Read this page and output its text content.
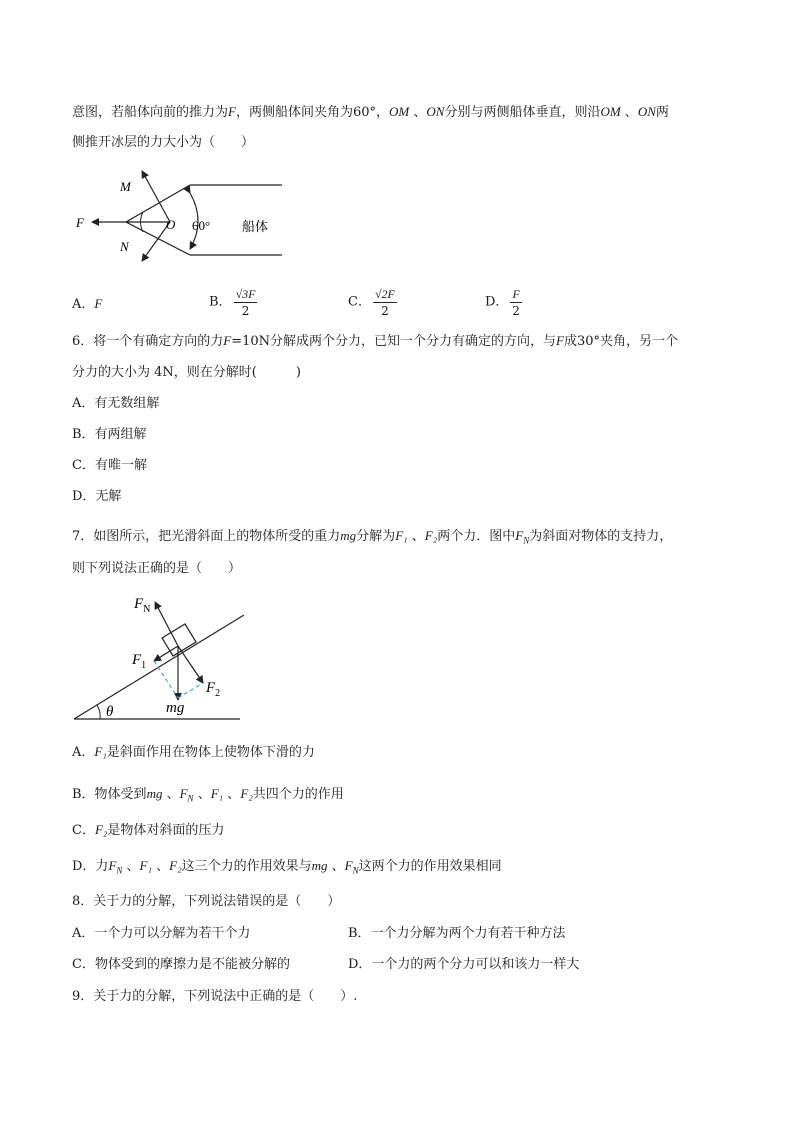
意图，若船体向前的推力为F，两侧船体间夹角为60°，OM 、ON分别与两侧船体垂直，则沿OM 、ON两
侧推开冰层的力大小为（　　）
M
N
F	O 60° 船体
A．F	B． $\frac{√3F}{2}$	C． $\frac{√2F}{2}$	D． $\frac{F}{2}$
6．将一个有确定方向的力F=10N分解成两个分力，已知一个分力有确定的方向，与F成30°夹角，另一个
分力的大小为 4N，则在分解时(　　　)
A．有无数组解
B．有两组解
C．有唯一解
D．无解
7．如图所示，把光滑斜面上的物体所受的重力mg分解为F₁ 、F₂两个力．图中$F_N$为斜面对物体的支持力，
则下列说法正确的是（　　）
$F_N$
$F_1$
$F_2$
mg
θ
A．F₁是斜面作用在物体上使物体下滑的力
B．物体受到mg 、$F_N$ 、F₁ 、F₂共四个力的作用
C．F₂是物体对斜面的压力
D．力$F_N$ 、F₁ 、F₂这三个力的作用效果与mg 、$F_N$这两个力的作用效果相同
8．关于力的分解，下列说法错误的是（　　）
A．一个力可以分解为若干个力	B．一个力分解为两个力有若干种方法
C．物体受到的摩擦力是不能被分解的	D．一个力的两个分力可以和该力一样大
9．关于力的分解，下列说法中正确的是（　　）.
